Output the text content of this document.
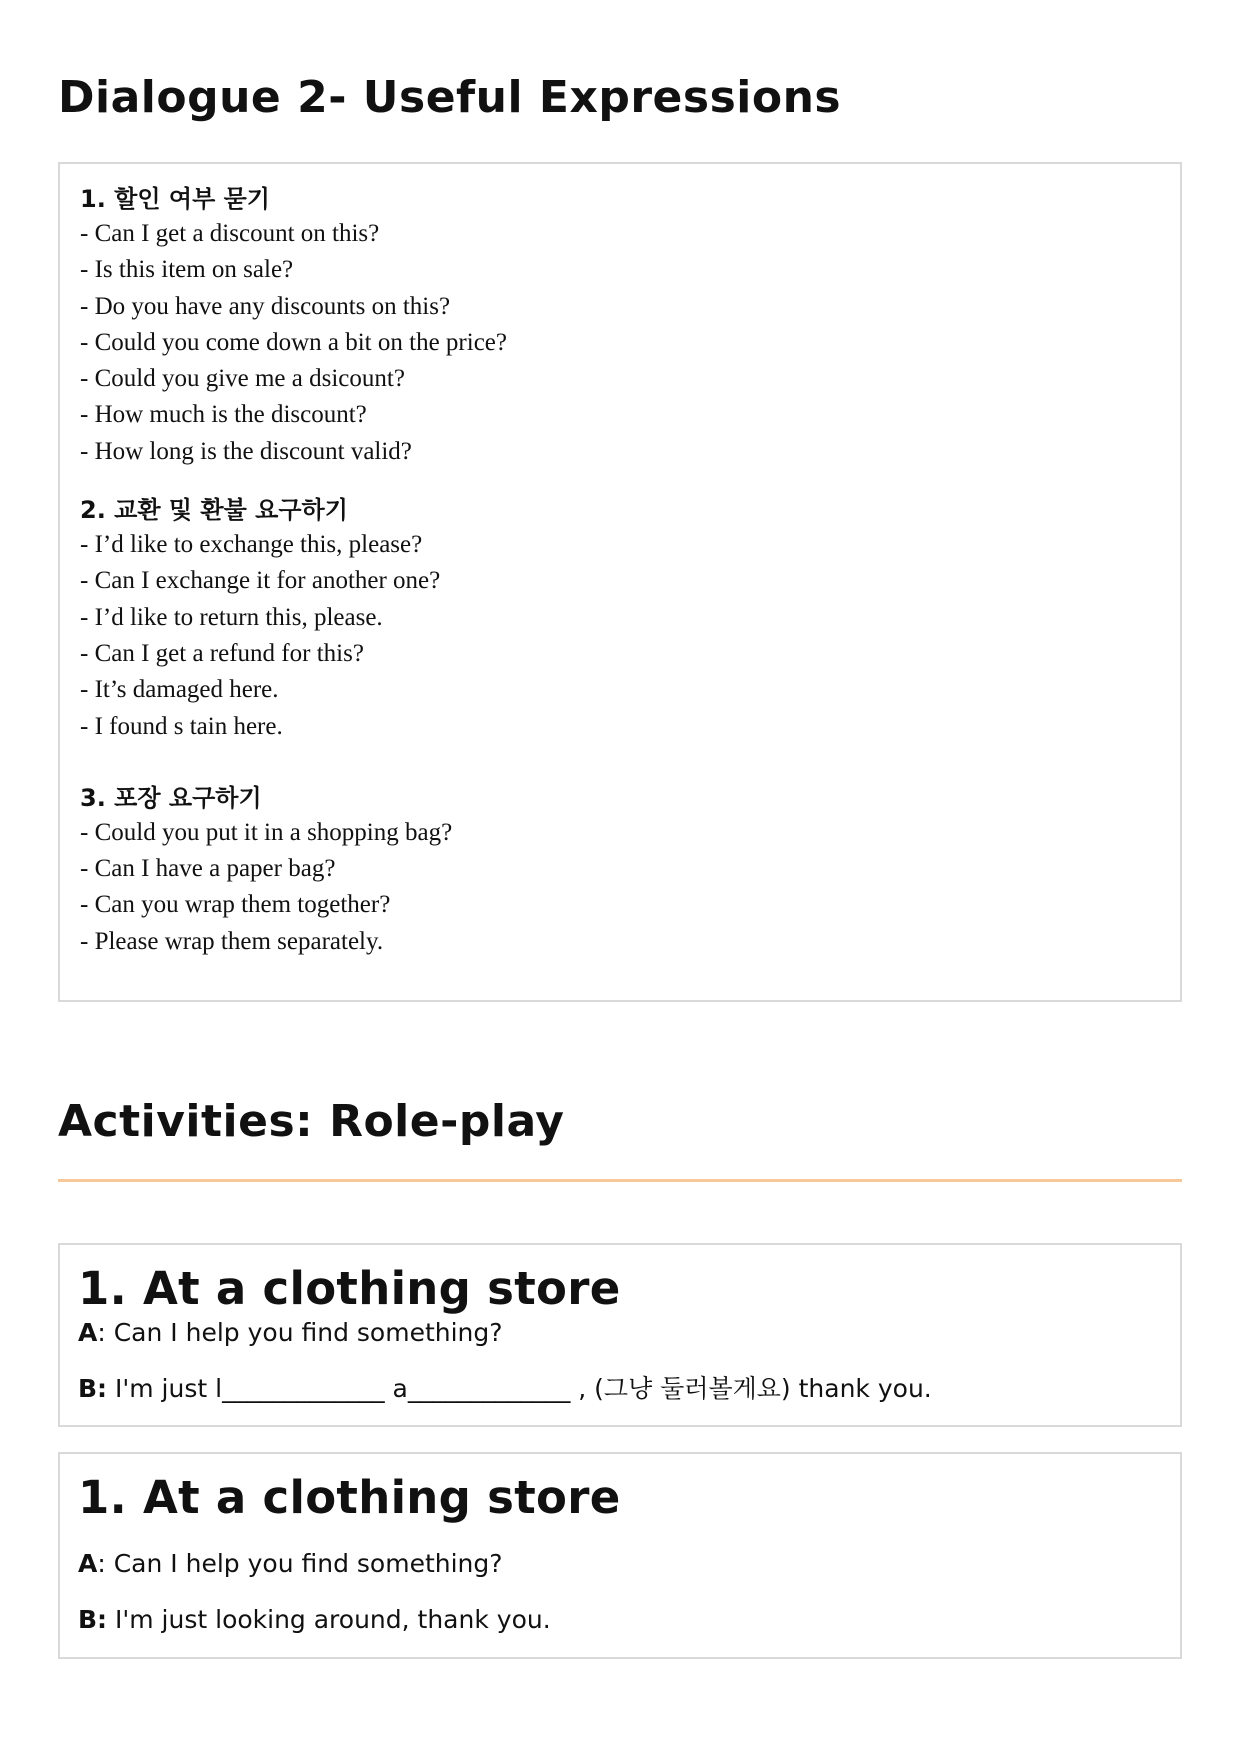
Dialogue 2- Useful Expressions

1. 할인 여부 묻기

- Can I get a discount on this?
- Is this item on sale?
- Do you have any discounts on this?
- Could you come down a bit on the price?
- Could you give me a dsicount?
- How much is the discount?
- How long is the discount valid?

2. 교환 및 환불 요구하기

- I’d like to exchange this, please?
- Can I exchange it for another one?
- I’d like to return this, please.
- Can I get a refund for this?
- It’s damaged here.
- I found s tain here.

3. 포장 요구하기

- Could you put it in a shopping bag?
- Can I have a paper bag?
- Can you wrap them together?
- Please wrap them separately.
Activities: Role-play

1. At a clothing store

A: Can I help you find something?

B: I'm just l_____________ a_____________ , (그냥 둘러볼게요) thank you.

1. At a clothing store

A: Can I help you find something?

B: I'm just looking around, thank you.
